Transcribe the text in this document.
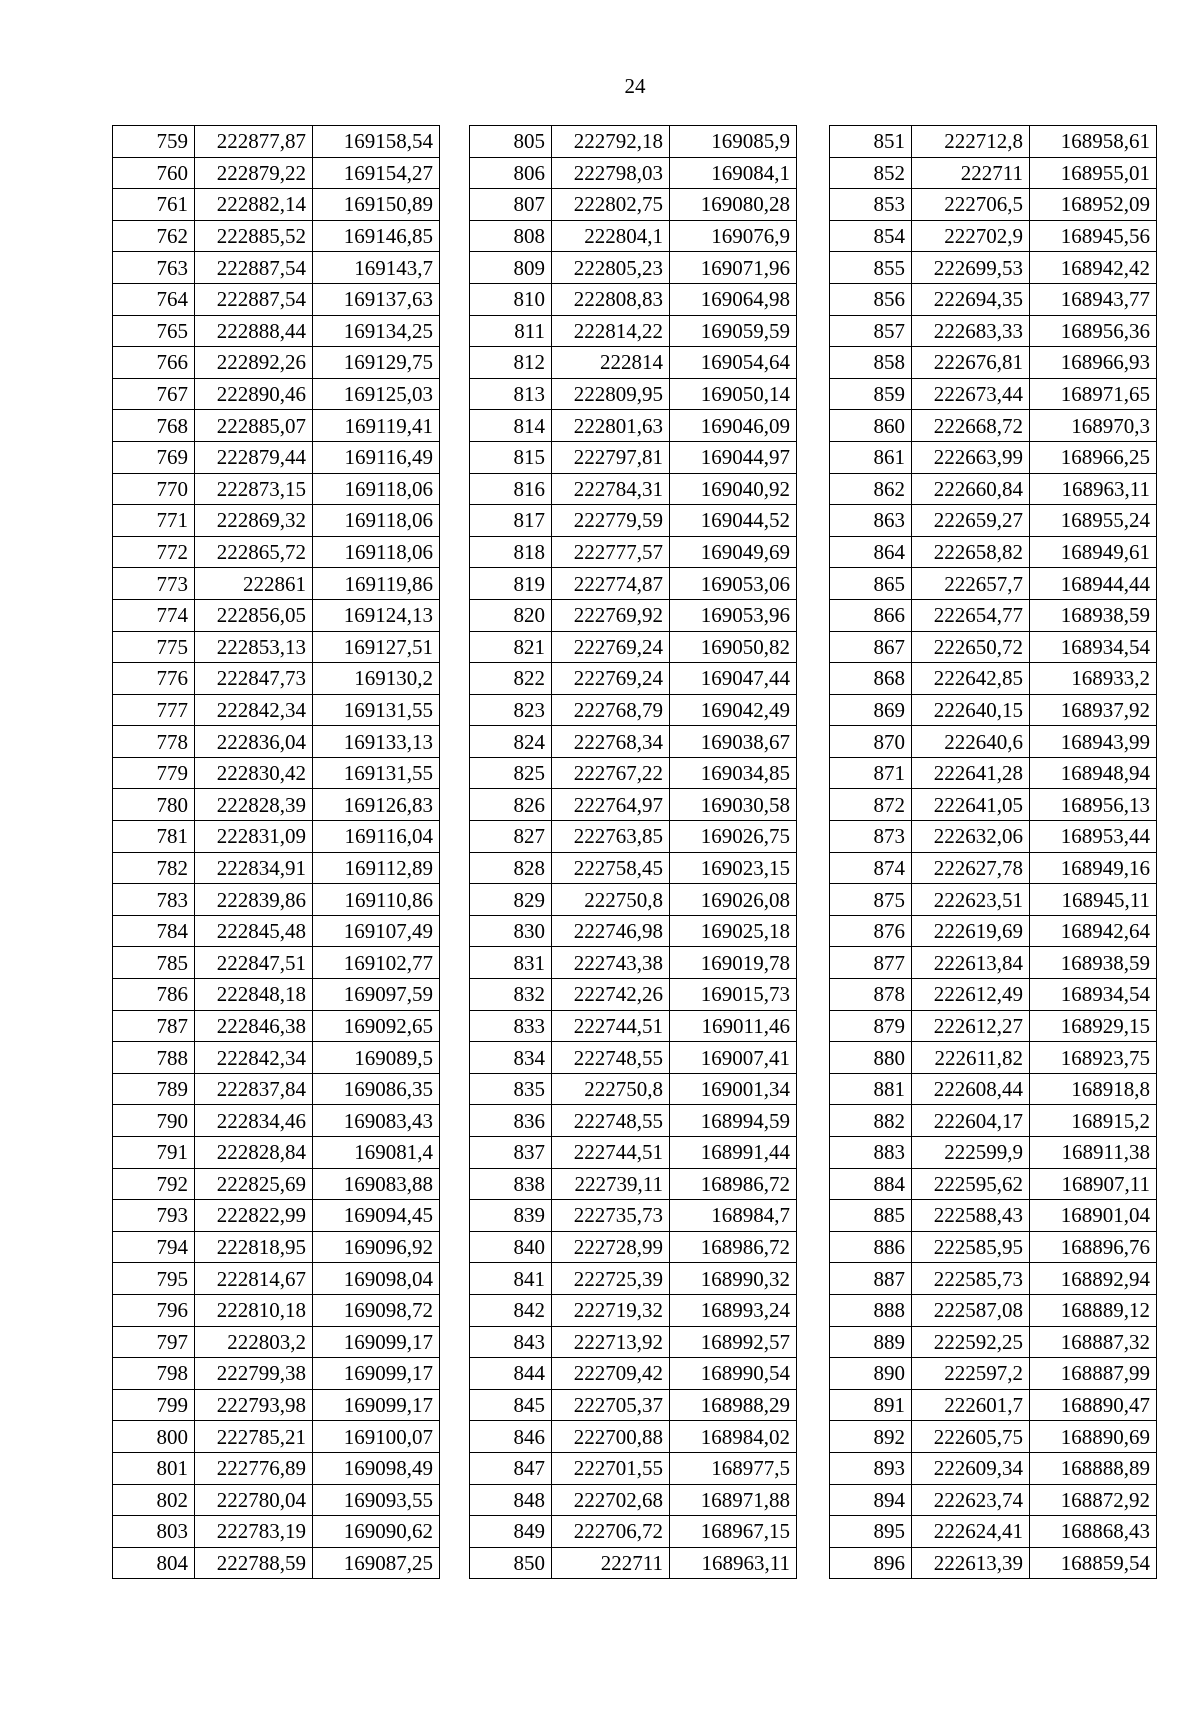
24
759	222877,87	169158,54
760	222879,22	169154,27
761	222882,14	169150,89
762	222885,52	169146,85
763	222887,54	169143,7
764	222887,54	169137,63
765	222888,44	169134,25
766	222892,26	169129,75
767	222890,46	169125,03
768	222885,07	169119,41
769	222879,44	169116,49
770	222873,15	169118,06
771	222869,32	169118,06
772	222865,72	169118,06
773	222861	169119,86
774	222856,05	169124,13
775	222853,13	169127,51
776	222847,73	169130,2
777	222842,34	169131,55
778	222836,04	169133,13
779	222830,42	169131,55
780	222828,39	169126,83
781	222831,09	169116,04
782	222834,91	169112,89
783	222839,86	169110,86
784	222845,48	169107,49
785	222847,51	169102,77
786	222848,18	169097,59
787	222846,38	169092,65
788	222842,34	169089,5
789	222837,84	169086,35
790	222834,46	169083,43
791	222828,84	169081,4
792	222825,69	169083,88
793	222822,99	169094,45
794	222818,95	169096,92
795	222814,67	169098,04
796	222810,18	169098,72
797	222803,2	169099,17
798	222799,38	169099,17
799	222793,98	169099,17
800	222785,21	169100,07
801	222776,89	169098,49
802	222780,04	169093,55
803	222783,19	169090,62
804	222788,59	169087,25
805	222792,18	169085,9
806	222798,03	169084,1
807	222802,75	169080,28
808	222804,1	169076,9
809	222805,23	169071,96
810	222808,83	169064,98
811	222814,22	169059,59
812	222814	169054,64
813	222809,95	169050,14
814	222801,63	169046,09
815	222797,81	169044,97
816	222784,31	169040,92
817	222779,59	169044,52
818	222777,57	169049,69
819	222774,87	169053,06
820	222769,92	169053,96
821	222769,24	169050,82
822	222769,24	169047,44
823	222768,79	169042,49
824	222768,34	169038,67
825	222767,22	169034,85
826	222764,97	169030,58
827	222763,85	169026,75
828	222758,45	169023,15
829	222750,8	169026,08
830	222746,98	169025,18
831	222743,38	169019,78
832	222742,26	169015,73
833	222744,51	169011,46
834	222748,55	169007,41
835	222750,8	169001,34
836	222748,55	168994,59
837	222744,51	168991,44
838	222739,11	168986,72
839	222735,73	168984,7
840	222728,99	168986,72
841	222725,39	168990,32
842	222719,32	168993,24
843	222713,92	168992,57
844	222709,42	168990,54
845	222705,37	168988,29
846	222700,88	168984,02
847	222701,55	168977,5
848	222702,68	168971,88
849	222706,72	168967,15
850	222711	168963,11
851	222712,8	168958,61
852	222711	168955,01
853	222706,5	168952,09
854	222702,9	168945,56
855	222699,53	168942,42
856	222694,35	168943,77
857	222683,33	168956,36
858	222676,81	168966,93
859	222673,44	168971,65
860	222668,72	168970,3
861	222663,99	168966,25
862	222660,84	168963,11
863	222659,27	168955,24
864	222658,82	168949,61
865	222657,7	168944,44
866	222654,77	168938,59
867	222650,72	168934,54
868	222642,85	168933,2
869	222640,15	168937,92
870	222640,6	168943,99
871	222641,28	168948,94
872	222641,05	168956,13
873	222632,06	168953,44
874	222627,78	168949,16
875	222623,51	168945,11
876	222619,69	168942,64
877	222613,84	168938,59
878	222612,49	168934,54
879	222612,27	168929,15
880	222611,82	168923,75
881	222608,44	168918,8
882	222604,17	168915,2
883	222599,9	168911,38
884	222595,62	168907,11
885	222588,43	168901,04
886	222585,95	168896,76
887	222585,73	168892,94
888	222587,08	168889,12
889	222592,25	168887,32
890	222597,2	168887,99
891	222601,7	168890,47
892	222605,75	168890,69
893	222609,34	168888,89
894	222623,74	168872,92
895	222624,41	168868,43
896	222613,39	168859,54
